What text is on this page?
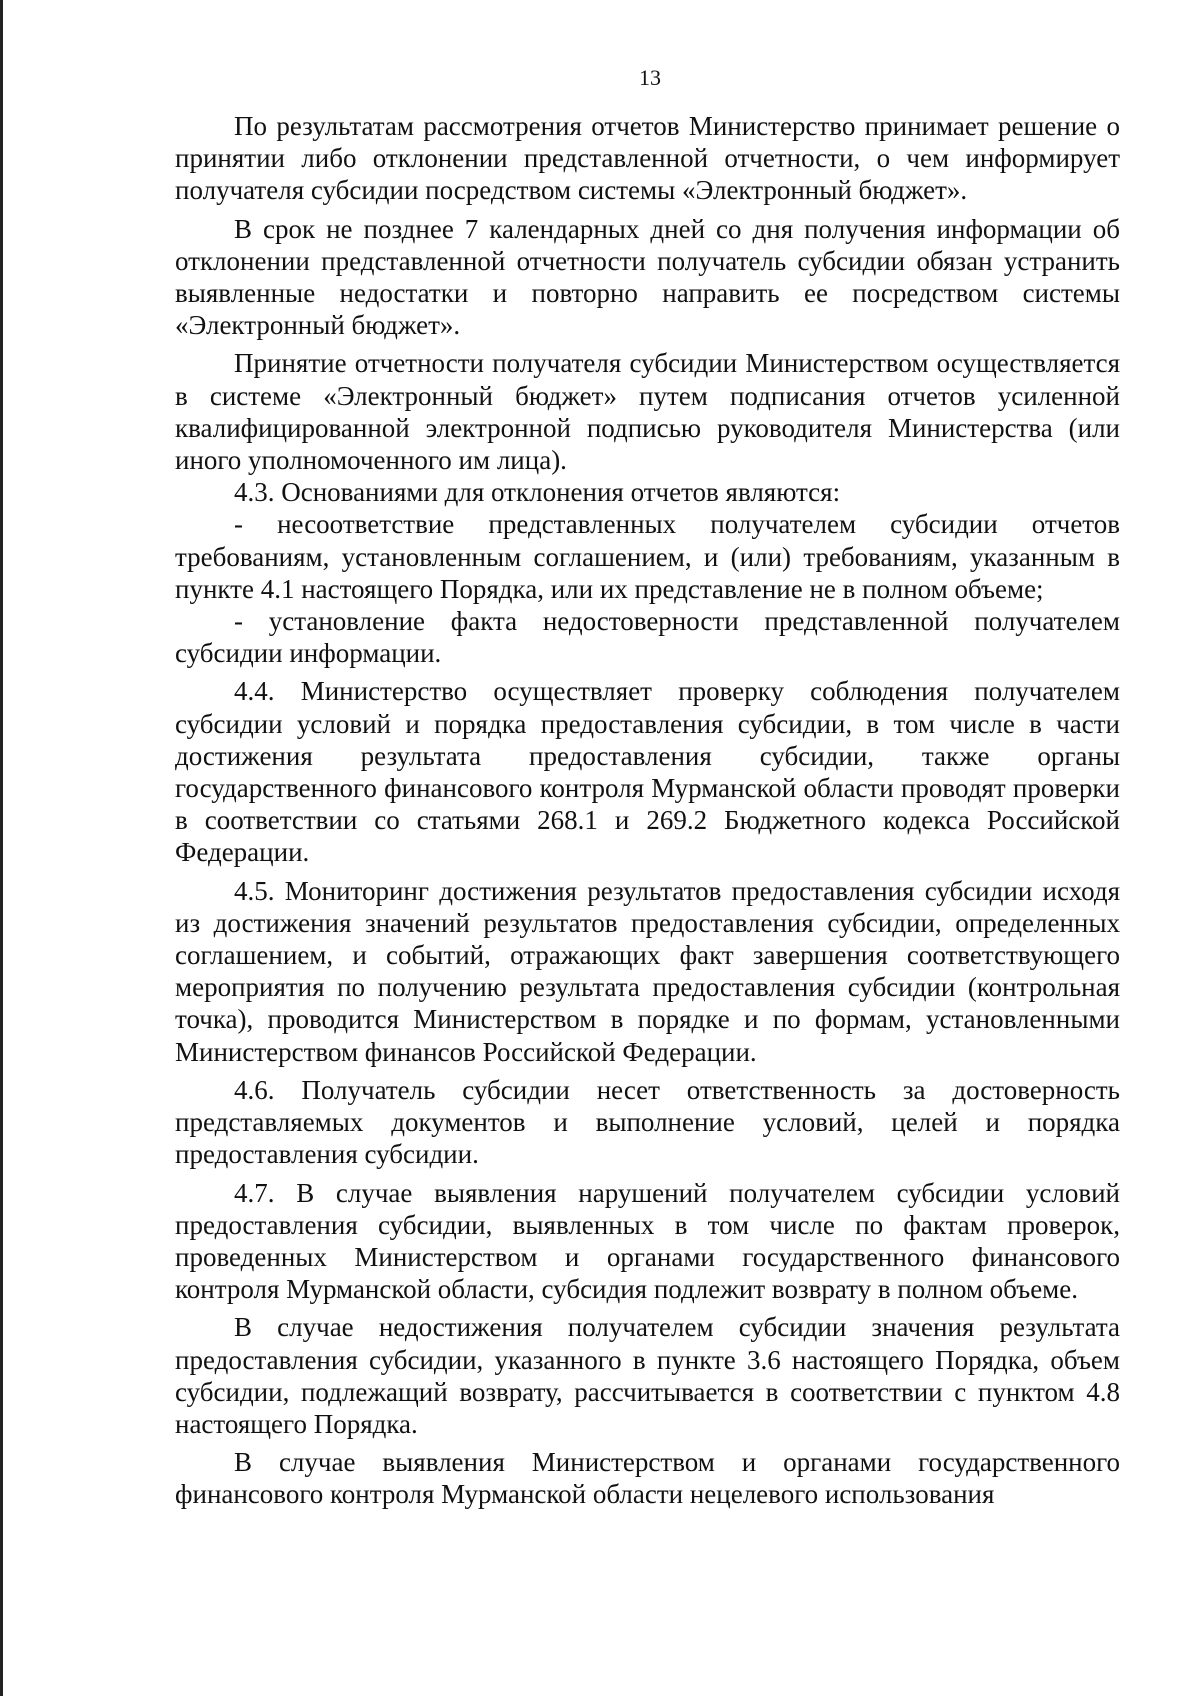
13

По результатам рассмотрения отчетов Министерство принимает решение о принятии либо отклонении представленной отчетности, о чем информирует получателя субсидии посредством системы «Электронный бюджет».

В срок не позднее 7 календарных дней со дня получения информации об отклонении представленной отчетности получатель субсидии обязан устранить выявленные недостатки и повторно направить ее посредством системы «Электронный бюджет».

Принятие отчетности получателя субсидии Министерством осуществляется в системе «Электронный бюджет» путем подписания отчетов усиленной квалифицированной электронной подписью руководителя Министерства (или иного уполномоченного им лица).

4.3. Основаниями для отклонения отчетов являются:

- несоответствие представленных получателем субсидии отчетов требованиям, установленным соглашением, и (или) требованиям, указанным в пункте 4.1 настоящего Порядка, или их представление не в полном объеме;

- установление факта недостоверности представленной получателем субсидии информации.

4.4. Министерство осуществляет проверку соблюдения получателем субсидии условий и порядка предоставления субсидии, в том числе в части достижения результата предоставления субсидии, также органы государственного финансового контроля Мурманской области проводят проверки в соответствии со статьями 268.1 и 269.2 Бюджетного кодекса Российской Федерации.

4.5. Мониторинг достижения результатов предоставления субсидии исходя из достижения значений результатов предоставления субсидии, определенных соглашением, и событий, отражающих факт завершения соответствующего мероприятия по получению результата предоставления субсидии (контрольная точка), проводится Министерством в порядке и по формам, установленными Министерством финансов Российской Федерации.

4.6. Получатель субсидии несет ответственность за достоверность представляемых документов и выполнение условий, целей и порядка предоставления субсидии.

4.7. В случае выявления нарушений получателем субсидии условий предоставления субсидии, выявленных в том числе по фактам проверок, проведенных Министерством и органами государственного финансового контроля Мурманской области, субсидия подлежит возврату в полном объеме.

В случае недостижения получателем субсидии значения результата предоставления субсидии, указанного в пункте 3.6 настоящего Порядка, объем субсидии, подлежащий возврату, рассчитывается в соответствии с пунктом 4.8 настоящего Порядка.

В случае выявления Министерством и органами государственного финансового контроля Мурманской области нецелевого использования
